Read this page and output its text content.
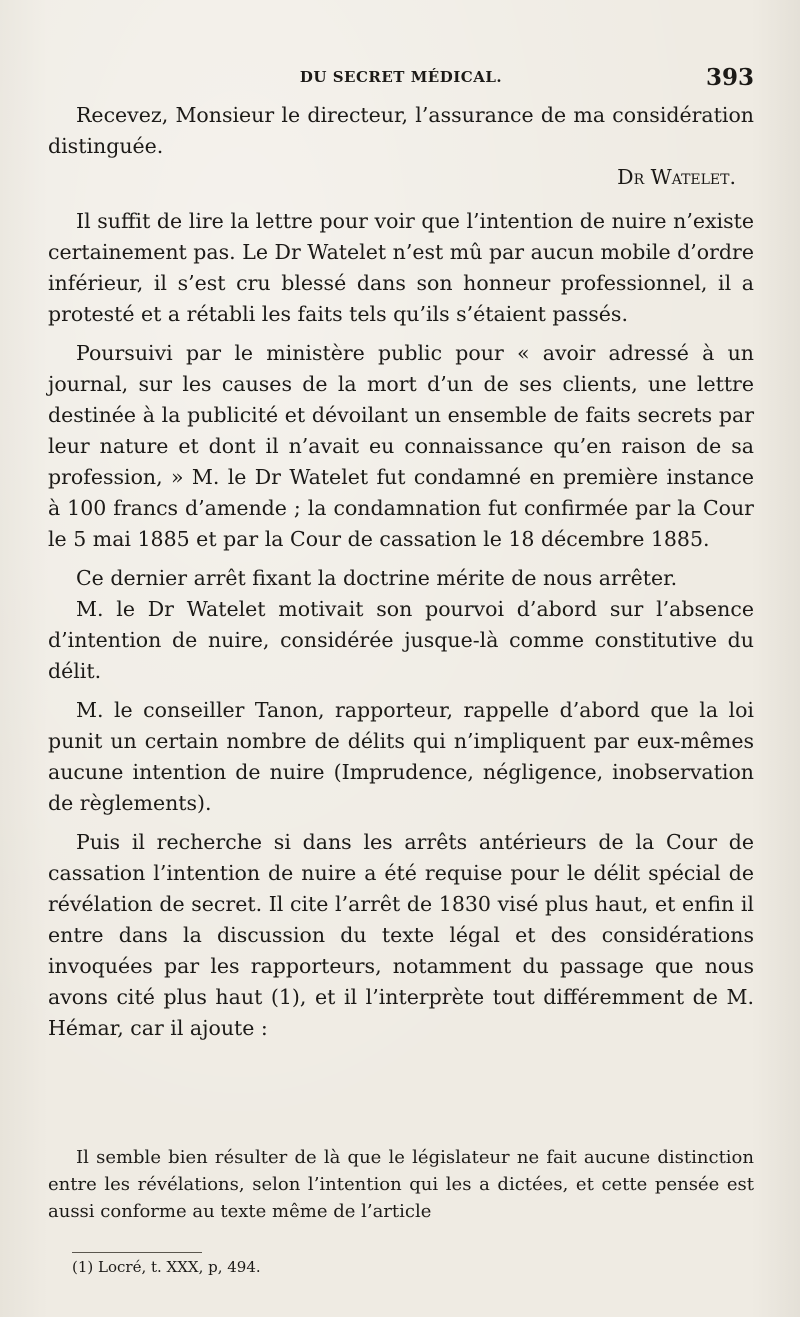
DU SECRET MÉDICAL.	393

Recevez, Monsieur le directeur, l’assurance de ma considération distinguée.

Dr Watelet.

Il suffit de lire la lettre pour voir que l’intention de nuire n’existe certainement pas. Le Dr Watelet n’est mû par aucun mobile d’ordre inférieur, il s’est cru blessé dans son honneur professionnel, il a protesté et a rétabli les faits tels qu’ils s’étaient passés.

Poursuivi par le ministère public pour « avoir adressé à un journal, sur les causes de la mort d’un de ses clients, une lettre destinée à la publicité et dévoilant un ensemble de faits secrets par leur nature et dont il n’avait eu connaissance qu’en raison de sa profession, » M. le Dr Watelet fut condamné en première instance à 100 francs d’amende ; la condamnation fut confirmée par la Cour le 5 mai 1885 et par la Cour de cassation le 18 décembre 1885.

Ce dernier arrêt fixant la doctrine mérite de nous arrêter.

M. le Dr Watelet motivait son pourvoi d’abord sur l’absence d’intention de nuire, considérée jusque-là comme constitutive du délit.

M. le conseiller Tanon, rapporteur, rappelle d’abord que la loi punit un certain nombre de délits qui n’impliquent par eux-mêmes aucune intention de nuire (Imprudence, négligence, inobservation de règlements).

Puis il recherche si dans les arrêts antérieurs de la Cour de cassation l’intention de nuire a été requise pour le délit spécial de révélation de secret. Il cite l’arrêt de 1830 visé plus haut, et enfin il entre dans la discussion du texte légal et des considérations invoquées par les rapporteurs, notamment du passage que nous avons cité plus haut (1), et il l’interprète tout différemment de M. Hémar, car il ajoute :

Il semble bien résulter de là que le législateur ne fait aucune distinction entre les révélations, selon l’intention qui les a dictées, et cette pensée est aussi conforme au texte même de l’article

(1) Locré, t. XXX, p, 494.
